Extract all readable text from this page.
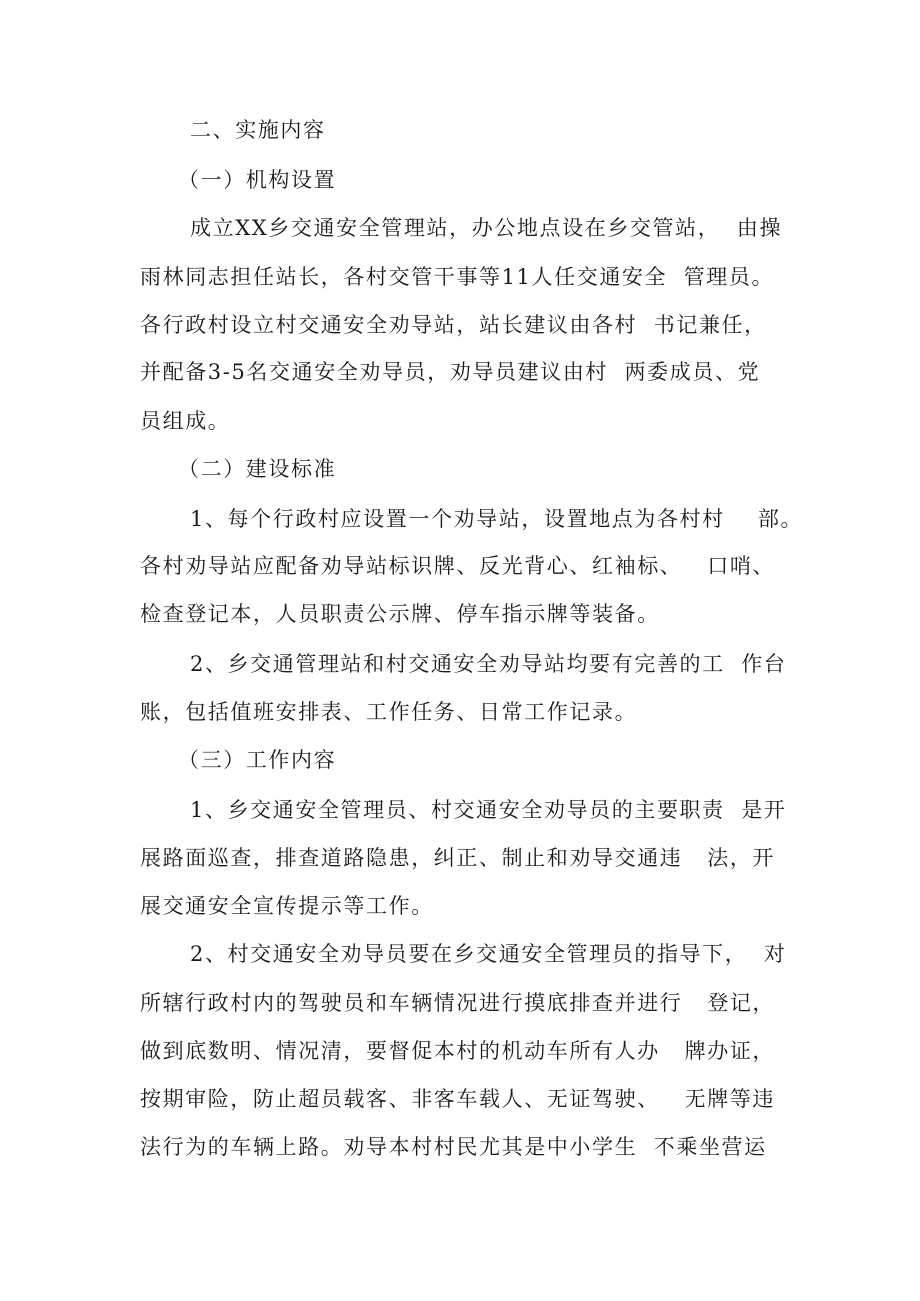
二、实施内容
（一）机构设置
成立XX乡交通安全管理站，办公地点设在乡交管站，  由操
雨林同志担任站长，各村交管干事等11人任交通安全  管理员。
各行政村设立村交通安全劝导站，站长建议由各村  书记兼任，
并配备3-5名交通安全劝导员，劝导员建议由村  两委成员、党
员组成。
（二）建设标准
1、每个行政村应设置一个劝导站，设置地点为各村村    部。
各村劝导站应配备劝导站标识牌、反光背心、红袖标、   口哨、
检查登记本，人员职责公示牌、停车指示牌等装备。
2、乡交通管理站和村交通安全劝导站均要有完善的工  作台
账，包括值班安排表、工作任务、日常工作记录。
（三）工作内容
1、乡交通安全管理员、村交通安全劝导员的主要职责  是开
展路面巡查，排查道路隐患，纠正、制止和劝导交通违   法，开
展交通安全宣传提示等工作。
2、村交通安全劝导员要在乡交通安全管理员的指导下，  对
所辖行政村内的驾驶员和车辆情况进行摸底排查并进行   登记，
做到底数明、情况清，要督促本村的机动车所有人办   牌办证，
按期审险，防止超员载客、非客车载人、无证驾驶、   无牌等违
法行为的车辆上路。劝导本村村民尤其是中小学生  不乘坐营运
